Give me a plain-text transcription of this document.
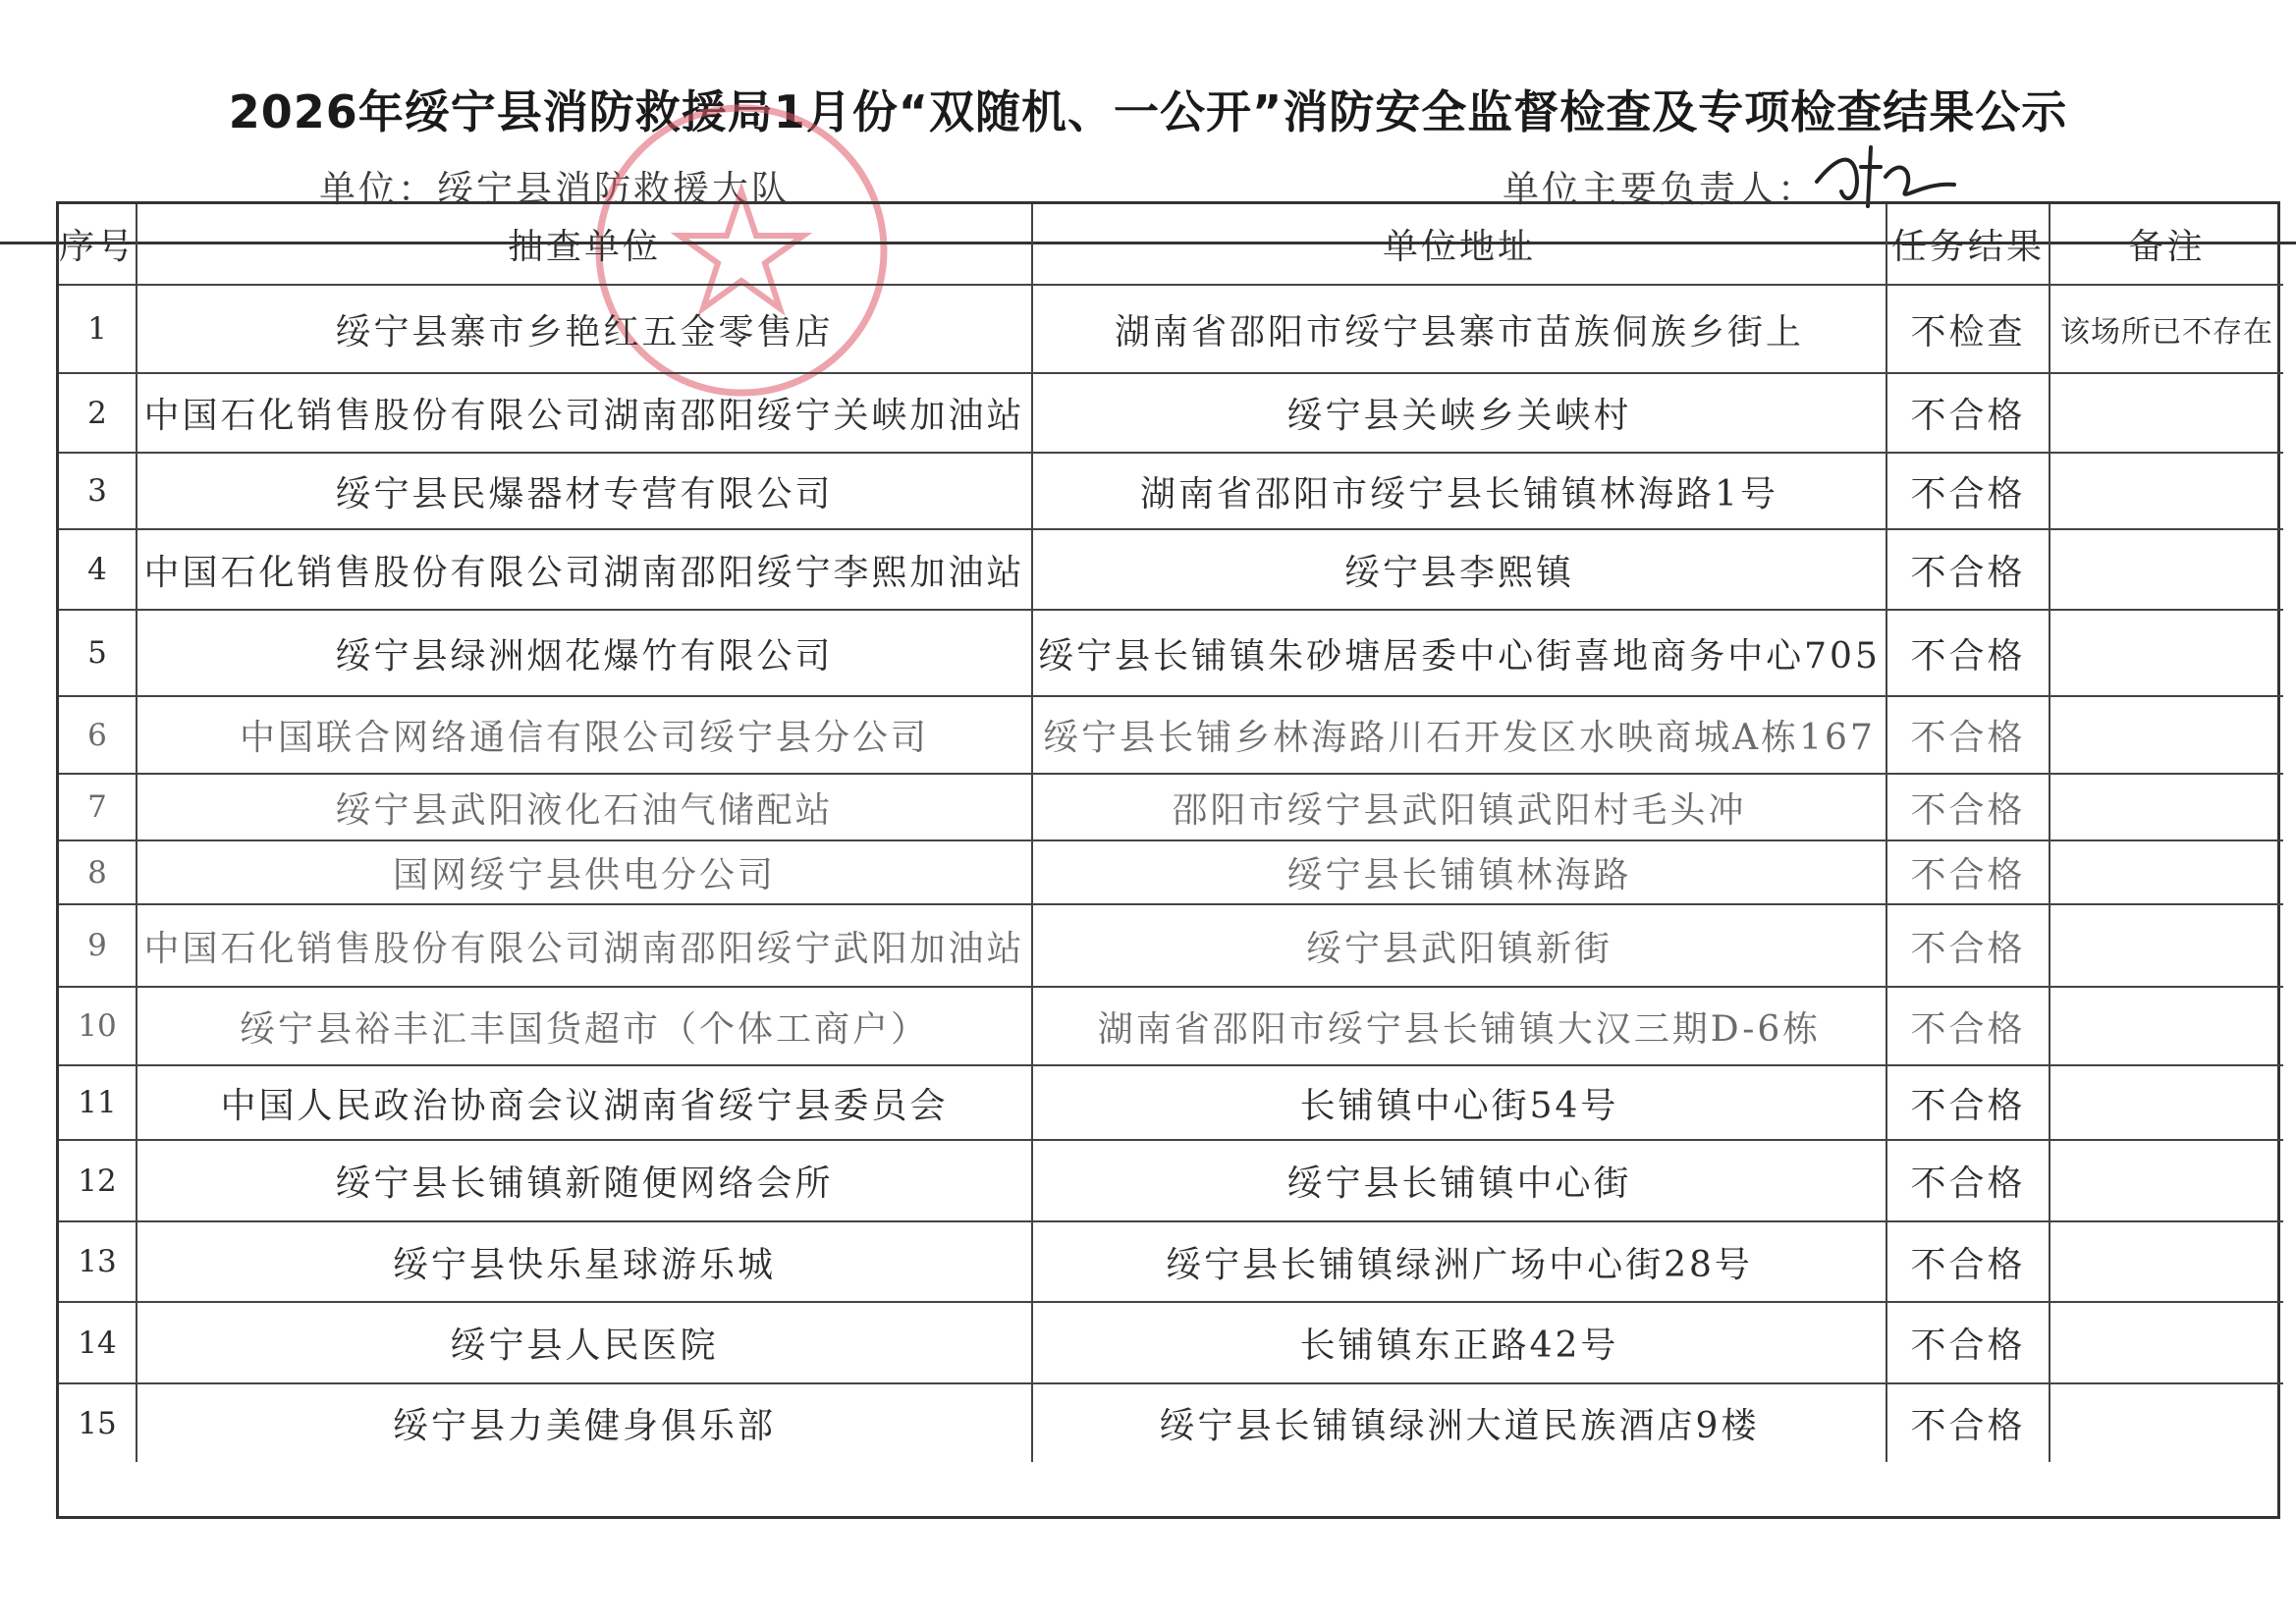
2026年绥宁县消防救援局1月份“双随机、一公开”消防安全监督检查及专项检查结果公示
单位：绥宁县消防救援大队	单位主要负责人：
序号	抽查单位	单位地址	任务结果	备注
1	绥宁县寨市乡艳红五金零售店	湖南省邵阳市绥宁县寨市苗族侗族乡街上	不检查	该场所已不存在
2	中国石化销售股份有限公司湖南邵阳绥宁关峡加油站	绥宁县关峡乡关峡村	不合格
3	绥宁县民爆器材专营有限公司	湖南省邵阳市绥宁县长铺镇林海路1号	不合格
4	中国石化销售股份有限公司湖南邵阳绥宁李熙加油站	绥宁县李熙镇	不合格
5	绥宁县绿洲烟花爆竹有限公司	绥宁县长铺镇朱砂塘居委中心街喜地商务中心705 不合格
6	中国联合网络通信有限公司绥宁县分公司	绥宁县长铺乡林海路川石开发区水映商城A栋167 不合格
7	绥宁县武阳液化石油气储配站	邵阳市绥宁县武阳镇武阳村毛头冲	不合格
8	国网绥宁县供电分公司	绥宁县长铺镇林海路	不合格
9	中国石化销售股份有限公司湖南邵阳绥宁武阳加油站	绥宁县武阳镇新街	不合格
10	绥宁县裕丰汇丰国货超市（个体工商户）	湖南省邵阳市绥宁县长铺镇大汉三期D-6栋	不合格
11	中国人民政治协商会议湖南省绥宁县委员会	长铺镇中心街54号	不合格
12	绥宁县长铺镇新随便网络会所	绥宁县长铺镇中心街	不合格
13	绥宁县快乐星球游乐城	绥宁县长铺镇绿洲广场中心街28号	不合格
14	绥宁县人民医院	长铺镇东正路42号	不合格
15	绥宁县力美健身俱乐部	绥宁县长铺镇绿洲大道民族酒店9楼	不合格
